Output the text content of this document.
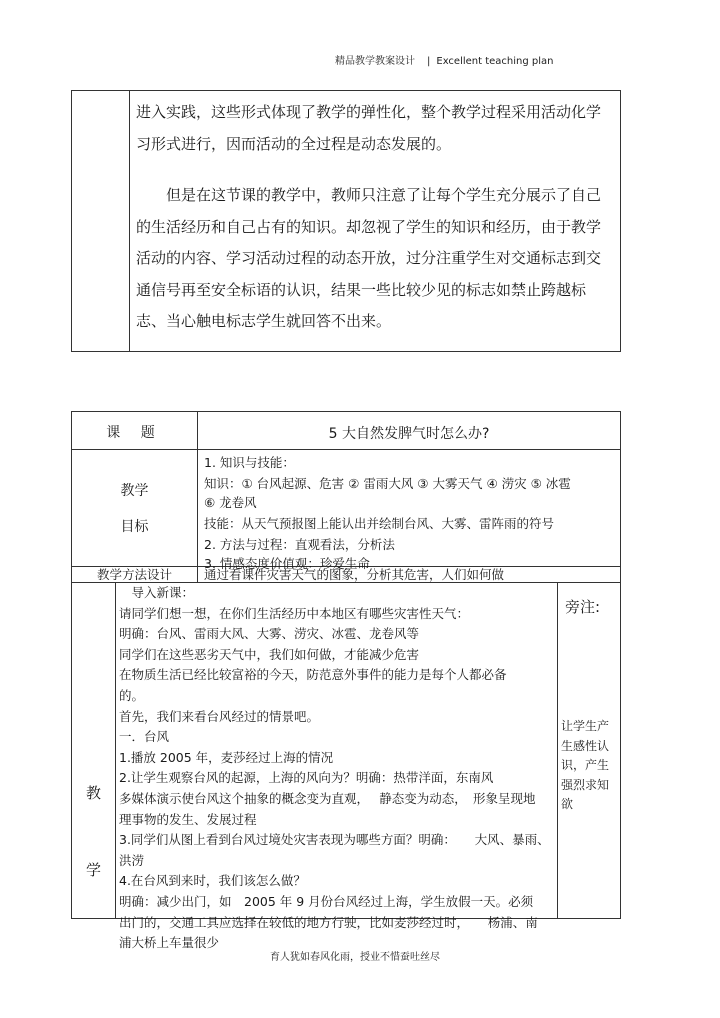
精品教学教案设计 | Excellent teaching plan

进入实践，这些形式体现了教学的弹性化，整个教学过程采用活动化学习形式进行，因而活动的全过程是动态发展的。

但是在这节课的教学中，教师只注意了让每个学生充分展示了自己的生活经历和自己占有的知识。却忽视了学生的知识和经历，由于教学活动的内容、学习活动过程的动态开放，过分注重学生对交通标志到交通信号再至安全标语的认识，结果一些比较少见的标志如禁止跨越标志、当心触电标志学生就回答不出来。

课 题	5 大自然发脾气时怎么办?
教学
目标
1. 知识与技能：
知识：① 台风起源、危害 ② 雷雨大风 ③ 大雾天气 ④ 涝灾 ⑤ 冰雹
⑥ 龙卷风
技能：从天气预报图上能认出并绘制台风、大雾、雷阵雨的符号
2. 方法与过程：直观看法，分析法
3. 情感态度价值观：珍爱生命
教学方法设计	通过看课件灾害天气的图象，分析其危害，人们如何做
教
学
　导入新课：
请同学们想一想，在你们生活经历中本地区有哪些灾害性天气：
明确：台风、雷雨大风、大雾、涝灾、冰雹、龙卷风等
同学们在这些恶劣天气中，我们如何做，才能减少危害
在物质生活已经比较富裕的今天，防范意外事件的能力是每个人都必备
的。
首先，我们来看台风经过的情景吧。
一．台风
1.播放 2005 年，麦莎经过上海的情况
2.让学生观察台风的起源，上海的风向为？明确：热带洋面，东南风
多媒体演示使台风这个抽象的概念变为直观，　 静态变为动态，　形象呈现地
理事物的发生、发展过程
3.同学们从图上看到台风过境处灾害表现为哪些方面？明确：　　大风、暴雨、
洪涝
4.在台风到来时，我们该怎么做？
明确：减少出门，如　2005 年 9 月份台风经过上海，学生放假一天。必须
出门的，交通工具应选择在较低的地方行驶，比如麦莎经过时，　　杨浦、南
浦大桥上车量很少
旁注:
让学生产
生感性认
识，产生
强烈求知
欲
育人犹如春风化雨，授业不惜蚕吐丝尽
